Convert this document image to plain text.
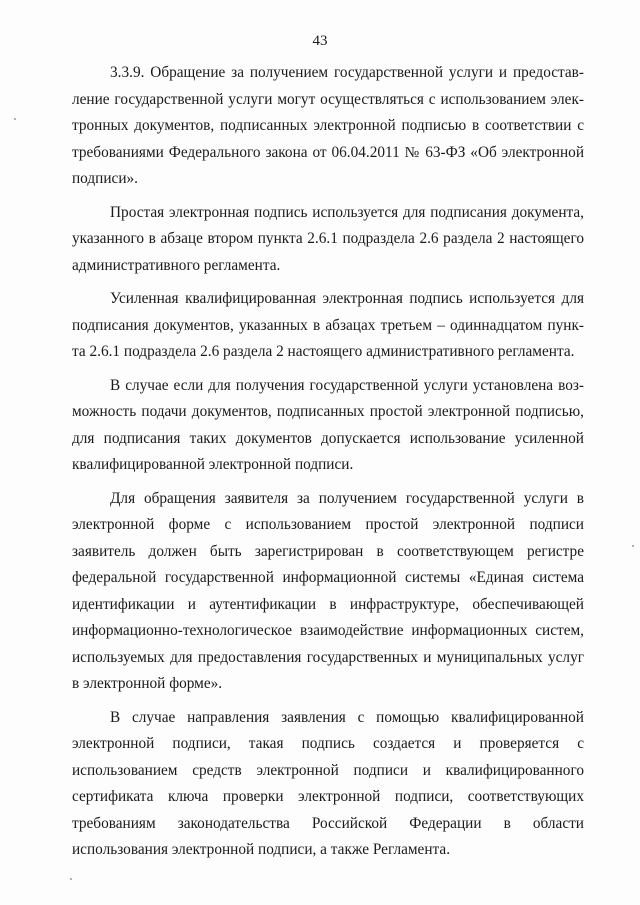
43

3.3.9. Обращение за получением государственной услуги и предостав-ление государственной услуги могут осуществляться с использованием элек-тронных документов, подписанных электронной подписью в соответствии с требованиями Федерального закона от 06.04.2011 № 63-ФЗ «Об электронной подписи».

Простая электронная подпись используется для подписания документа, указанного в абзаце втором пункта 2.6.1 подраздела 2.6 раздела 2 настоящего административного регламента.

Усиленная квалифицированная электронная подпись используется для подписания документов, указанных в абзацах третьем – одиннадцатом пунк-та 2.6.1 подраздела 2.6 раздела 2 настоящего административного регламента.

В случае если для получения государственной услуги установлена воз-можность подачи документов, подписанных простой электронной подписью, для подписания таких документов допускается использование усиленной квалифицированной электронной подписи.

Для обращения заявителя за получением государственной услуги в электронной форме с использованием простой электронной подписи заявитель должен быть зарегистрирован в соответствующем регистре федеральной государственной информационной системы «Единая система идентификации и аутентификации в инфраструктуре, обеспечивающей информационно-технологическое взаимодействие информационных систем, используемых для предоставления государственных и муниципальных услуг в электронной форме».

В случае направления заявления с помощью квалифицированной электронной подписи, такая подпись создается и проверяется с использованием средств электронной подписи и квалифицированного сертификата ключа проверки электронной подписи, соответствующих требованиям законодательства Российской Федерации в области использования электронной подписи, а также Регламента.
